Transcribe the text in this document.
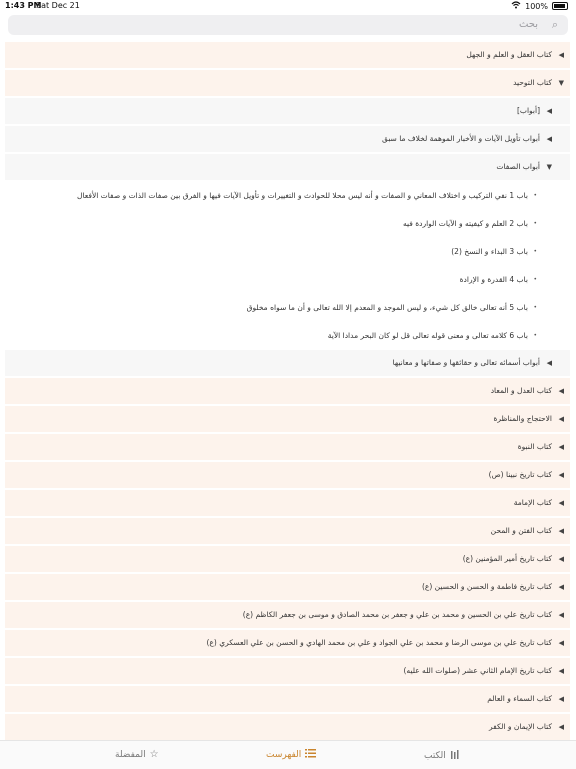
1:43 PM
Sat Dec 21	100%
⌕
بحث
◀
كتاب العقل و العلم و الجهل
▼
كتاب التوحيد
◀
[أبواب]
◀
أبواب تأويل الآيات و الأخبار الموهمة لخلاف ما سبق
▼
أبواب الصفات
•
باب 1 نفي التركيب و اختلاف المعاني و الصفات و أنه ليس محلا للحوادث و التغييرات و تأويل الآيات فيها و الفرق بين صفات الذات و صفات الأفعال
•
باب 2 العلم و كيفيته و الآيات الواردة فيه
•
باب 3 البداء و النسخ (2)
•
باب 4 القدرة و الإرادة
•
باب 5 أنه تعالى خالق كل شيء، و ليس الموجد و المعدم إلا الله تعالى و أن ما سواه مخلوق
•
باب 6 كلامه تعالى و معنى قوله تعالى قل لو كان البحر مدادا الآية
◀
أبواب أسمائه تعالى و حقائقها و صفاتها و معانيها
◀
كتاب العدل و المعاد
◀
الاحتجاج والمناظرة
◀
كتاب النبوة
◀
كتاب تاريخ نبينا (ص)
◀
كتاب الإمامة
◀
كتاب الفتن و المحن
◀
كتاب تاريخ أمير المؤمنين (ع)
◀
كتاب تاريخ فاطمة و الحسن و الحسين (ع)
◀
كتاب تاريخ علي بن الحسين و محمد بن علي و جعفر بن محمد الصادق و موسى بن جعفر الكاظم (ع)
◀
كتاب تاريخ علي بن موسى الرضا و محمد بن علي الجواد و علي بن محمد الهادي و الحسن بن علي العسكري (ع)
◀
كتاب تاريخ الإمام الثاني عشر (صلوات الله عليه)
◀
كتاب السماء و العالم
◀
كتاب الإيمان و الكفر
الكتب
الفهرست
المفضلة ☆
